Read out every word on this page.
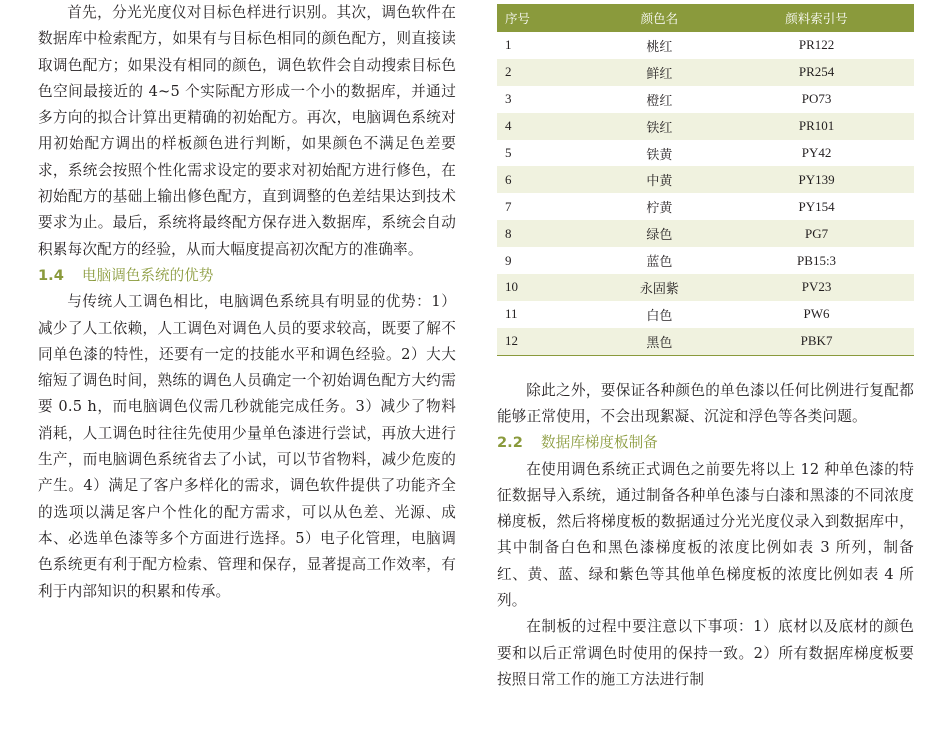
首先，分光光度仪对目标色样进行识别。其次，调色软件在数据库中检索配方，如果有与目标色相同的颜色配方，则直接读取调色配方；如果没有相同的颜色，调色软件会自动搜索目标色色空间最接近的 4~5 个实际配方形成一个小的数据库，并通过多方向的拟合计算出更精确的初始配方。再次，电脑调色系统对用初始配方调出的样板颜色进行判断，如果颜色不满足色差要求，系统会按照个性化需求设定的要求对初始配方进行修色，在初始配方的基础上输出修色配方，直到调整的色差结果达到技术要求为止。最后，系统将最终配方保存进入数据库，系统会自动积累每次配方的经验，从而大幅度提高初次配方的准确率。

1.4 电脑调色系统的优势

与传统人工调色相比，电脑调色系统具有明显的优势：1）减少了人工依赖，人工调色对调色人员的要求较高，既要了解不同单色漆的特性，还要有一定的技能水平和调色经验。2）大大缩短了调色时间，熟练的调色人员确定一个初始调色配方大约需要 0.5 h，而电脑调色仪需几秒就能完成任务。3）减少了物料消耗，人工调色时往往先使用少量单色漆进行尝试，再放大进行生产，而电脑调色系统省去了小试，可以节省物料，减少危废的产生。4）满足了客户多样化的需求，调色软件提供了功能齐全的选项以满足客户个性化的配方需求，可以从色差、光源、成本、必选单色漆等多个方面进行选择。5）电子化管理，电脑调色系统更有利于配方检索、管理和保存，显著提高工作效率，有利于内部知识的积累和传承。

序号	颜色名	颜料索引号
1	桃红	PR122
2	鲜红	PR254
3	橙红	PO73
4	铁红	PR101
5	铁黄	PY42
6	中黄	PY139
7	柠黄	PY154
8	绿色	PG7
9	蓝色	PB15:3
10	永固紫	PV23
11	白色	PW6
12	黑色	PBK7

除此之外，要保证各种颜色的单色漆以任何比例进行复配都能够正常使用，不会出现絮凝、沉淀和浮色等各类问题。

2.2 数据库梯度板制备

在使用调色系统正式调色之前要先将以上 12 种单色漆的特征数据导入系统，通过制备各种单色漆与白漆和黑漆的不同浓度梯度板，然后将梯度板的数据通过分光光度仪录入到数据库中，其中制备白色和黑色漆梯度板的浓度比例如表 3 所列，制备红、黄、蓝、绿和紫色等其他单色梯度板的浓度比例如表 4 所列。

在制板的过程中要注意以下事项：1）底材以及底材的颜色要和以后正常调色时使用的保持一致。2）所有数据库梯度板要按照日常工作的施工方法进行制
